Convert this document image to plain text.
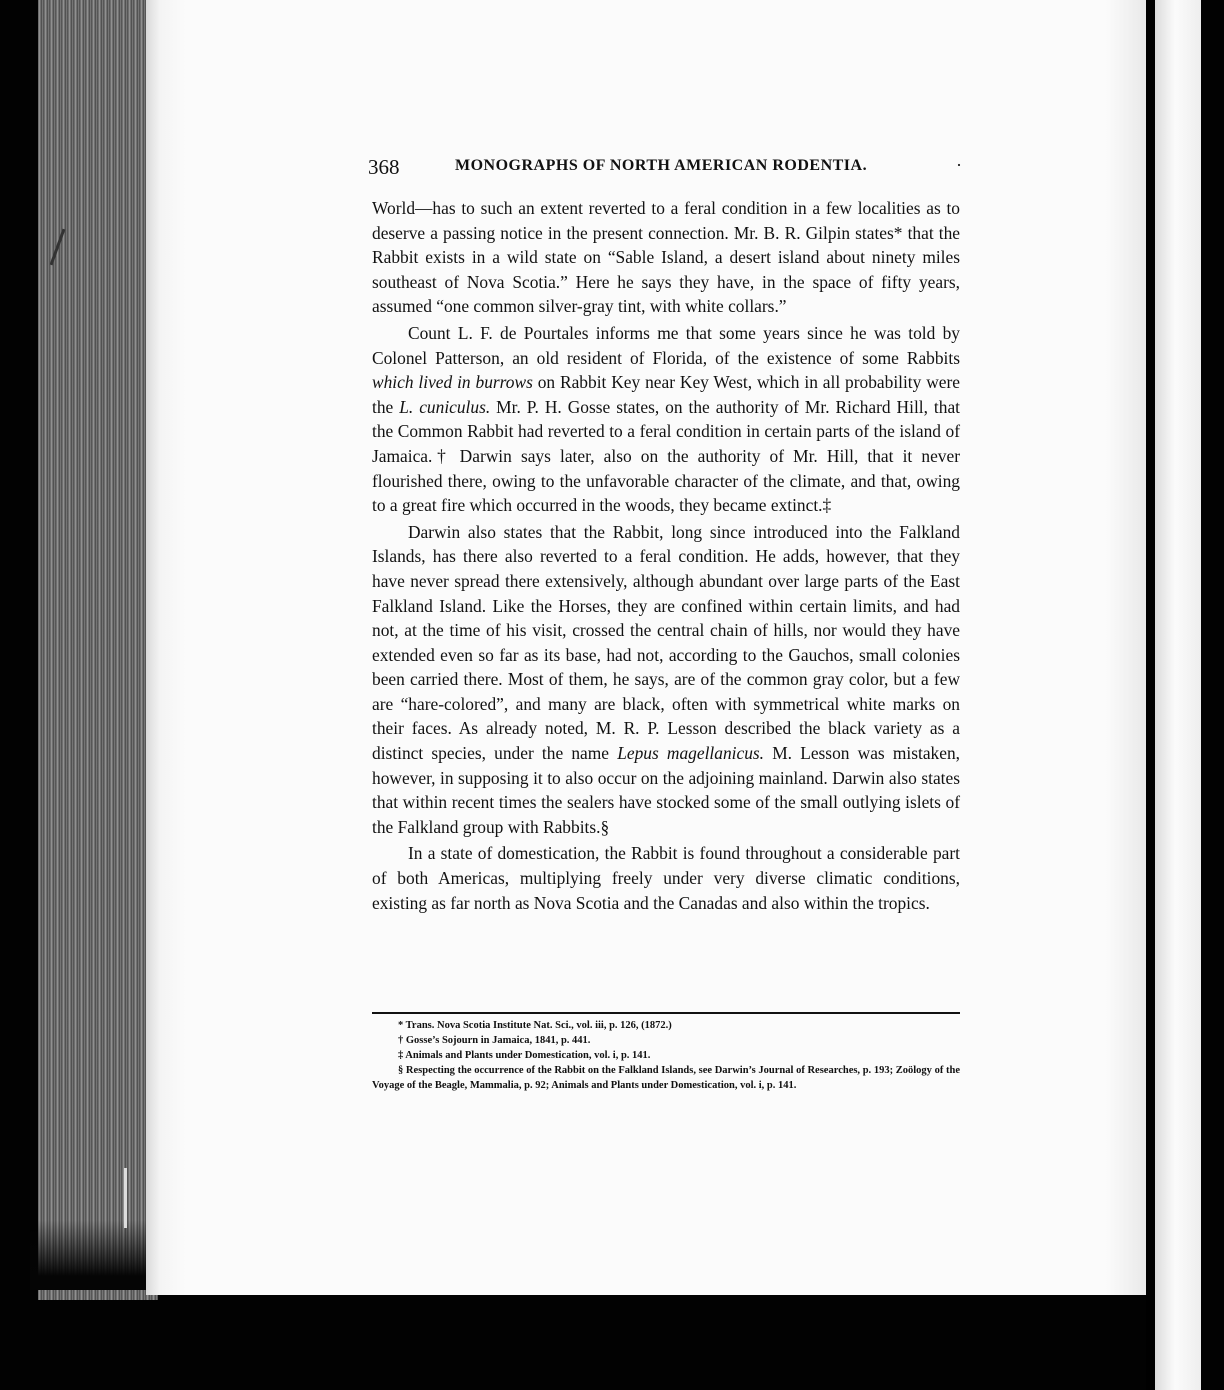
368	MONOGRAPHS OF NORTH AMERICAN RODENTIA.	·

World—has to such an extent reverted to a feral condition in a few localities as to deserve a passing notice in the present connection. Mr. B. R. Gilpin states* that the Rabbit exists in a wild state on “Sable Island, a desert island about ninety miles southeast of Nova Scotia.” Here he says they have, in the space of fifty years, assumed “one common silver-gray tint, with white collars.”

Count L. F. de Pourtales informs me that some years since he was told by Colonel Patterson, an old resident of Florida, of the existence of some Rabbits which lived in burrows on Rabbit Key near Key West, which in all probability were the L. cuniculus. Mr. P. H. Gosse states, on the authority of Mr. Richard Hill, that the Common Rabbit had reverted to a feral condition in certain parts of the island of Jamaica.† Darwin says later, also on the authority of Mr. Hill, that it never flourished there, owing to the unfavorable character of the climate, and that, owing to a great fire which occurred in the woods, they became extinct.‡

Darwin also states that the Rabbit, long since introduced into the Falkland Islands, has there also reverted to a feral condition. He adds, however, that they have never spread there extensively, although abundant over large parts of the East Falkland Island. Like the Horses, they are confined within certain limits, and had not, at the time of his visit, crossed the central chain of hills, nor would they have extended even so far as its base, had not, according to the Gauchos, small colonies been carried there. Most of them, he says, are of the common gray color, but a few are “hare-colored”, and many are black, often with symmetrical white marks on their faces. As already noted, M. R. P. Lesson described the black variety as a distinct species, under the name Lepus magellanicus. M. Lesson was mistaken, however, in supposing it to also occur on the adjoining mainland. Darwin also states that within recent times the sealers have stocked some of the small outlying islets of the Falkland group with Rabbits.§

In a state of domestication, the Rabbit is found throughout a considerable part of both Americas, multiplying freely under very diverse climatic conditions, existing as far north as Nova Scotia and the Canadas and also within the tropics.

* Trans. Nova Scotia Institute Nat. Sci., vol. iii, p. 126, (1872.)

† Gosse’s Sojourn in Jamaica, 1841, p. 441.

‡ Animals and Plants under Domestication, vol. i, p. 141.

§ Respecting the occurrence of the Rabbit on the Falkland Islands, see Darwin’s Journal of Researches, p. 193; Zoölogy of the Voyage of the Beagle, Mammalia, p. 92; Animals and Plants under Domestication, vol. i, p. 141.
